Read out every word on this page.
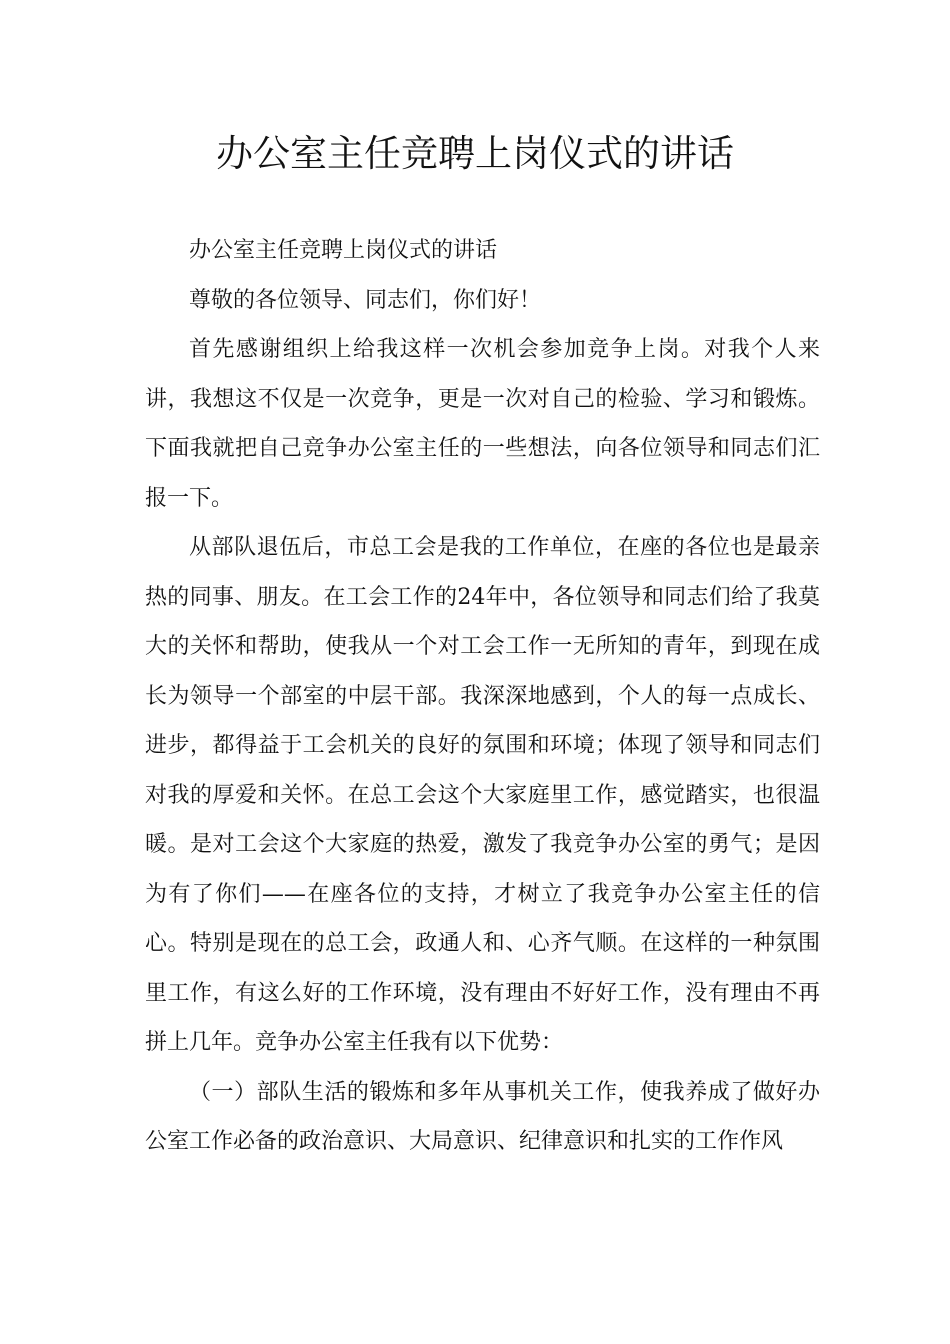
办公室主任竞聘上岗仪式的讲话

办公室主任竞聘上岗仪式的讲话

尊敬的各位领导、同志们，你们好！

首先感谢组织上给我这样一次机会参加竞争上岗。对我个人来讲，我想这不仅是一次竞争，更是一次对自己的检验、学习和锻炼。下面我就把自己竞争办公室主任的一些想法，向各位领导和同志们汇报一下。

从部队退伍后，市总工会是我的工作单位，在座的各位也是最亲热的同事、朋友。在工会工作的24年中，各位领导和同志们给了我莫大的关怀和帮助，使我从一个对工会工作一无所知的青年，到现在成长为领导一个部室的中层干部。我深深地感到，个人的每一点成长、进步，都得益于工会机关的良好的氛围和环境；体现了领导和同志们对我的厚爱和关怀。在总工会这个大家庭里工作，感觉踏实，也很温暖。是对工会这个大家庭的热爱，激发了我竞争办公室的勇气；是因为有了你们——在座各位的支持，才树立了我竞争办公室主任的信心。特别是现在的总工会，政通人和、心齐气顺。在这样的一种氛围里工作，有这么好的工作环境，没有理由不好好工作，没有理由不再拼上几年。竞争办公室主任我有以下优势：

（一）部队生活的锻炼和多年从事机关工作，使我养成了做好办公室工作必备的政治意识、大局意识、纪律意识和扎实的工作作风
